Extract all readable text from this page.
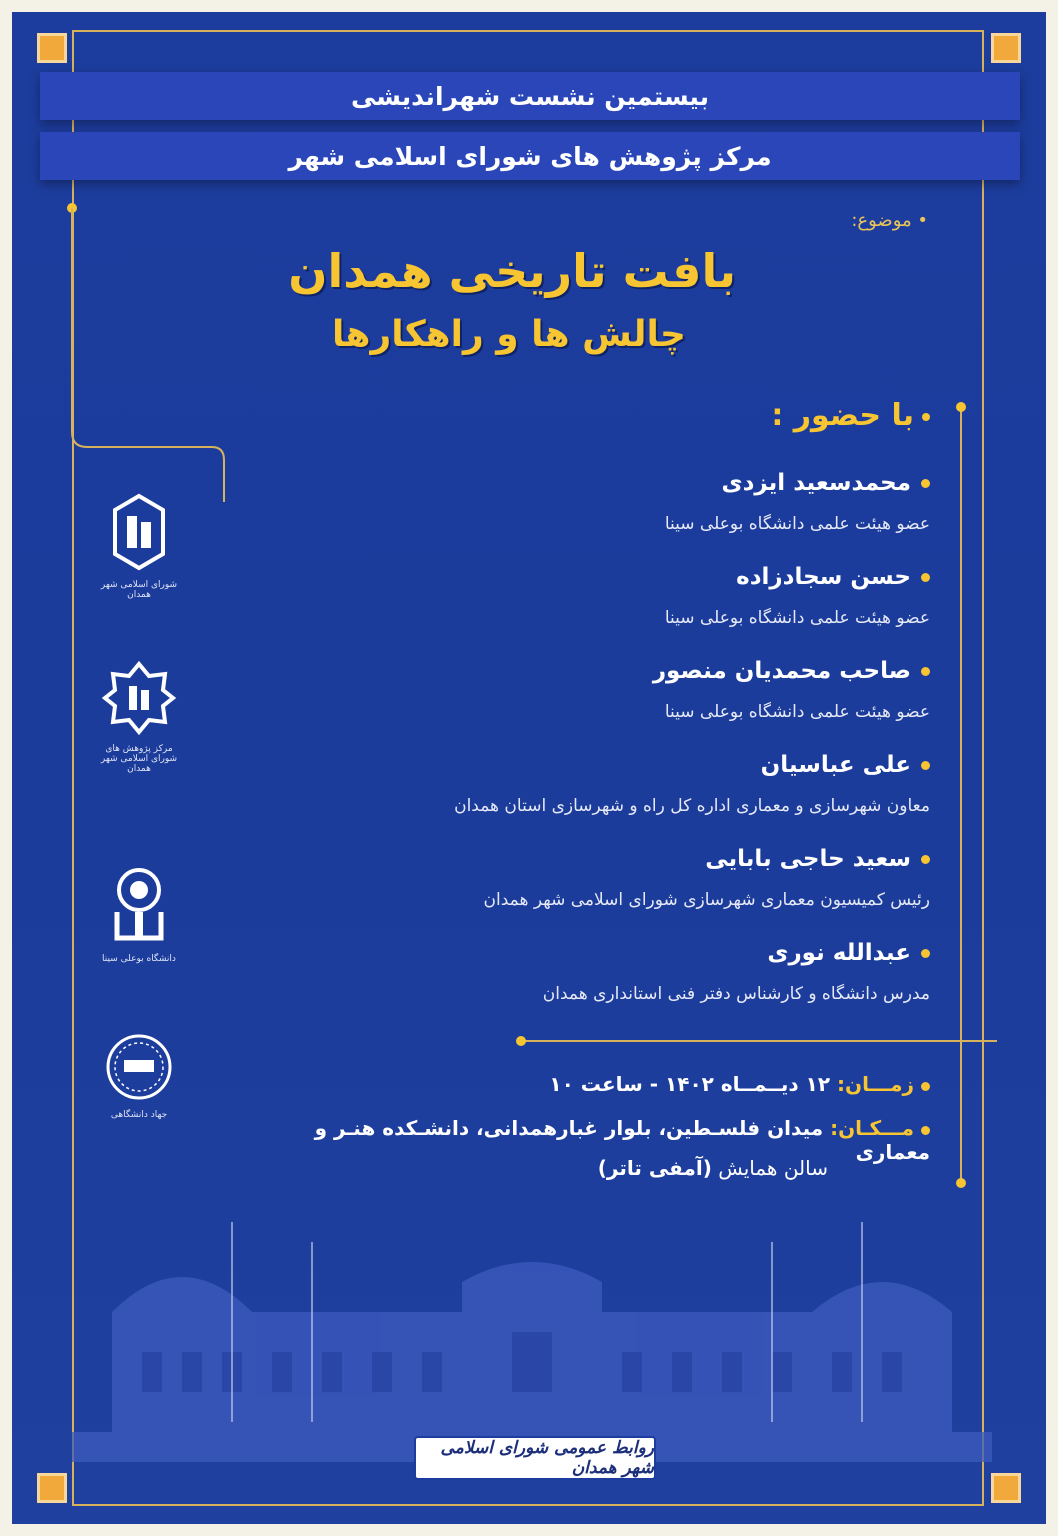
بیستمین نشست شهراندیشی
مرکز پژوهش های شورای اسلامی شهر
• موضوع:
بافت تاریخی همدان
چالش ها و راهکارها
با حضور :
محمدسعید ایزدی
عضو هیئت علمی دانشگاه بوعلی سینا
حسن سجادزاده
عضو هیئت علمی دانشگاه بوعلی سینا
صاحب محمدیان منصور
عضو هیئت علمی دانشگاه بوعلی سینا
علی عباسیان
معاون شهرسازی و معماری اداره کل راه و شهرسازی استان همدان
سعید حاجی بابایی
رئیس کمیسیون معماری شهرسازی شورای اسلامی شهر همدان
عبدالله نوری
مدرس دانشگاه و کارشناس دفتر فنی استانداری همدان
زمـــان: ۱۲ دیــمــاه ۱۴۰۲ - ساعت ۱۰
مـــکـان: میدان فلسـطین، بلوار غبارهمدانی، دانشـکده هنـر و معماری
سالن همایش (آمفی تاتر)
شورای اسلامی شهر همدان
مرکز پژوهش های شورای اسلامی شهر همدان
دانشگاه بوعلی سینا
جهاد دانشگاهی
روابط عمومی شورای اسلامی شهر همدان
